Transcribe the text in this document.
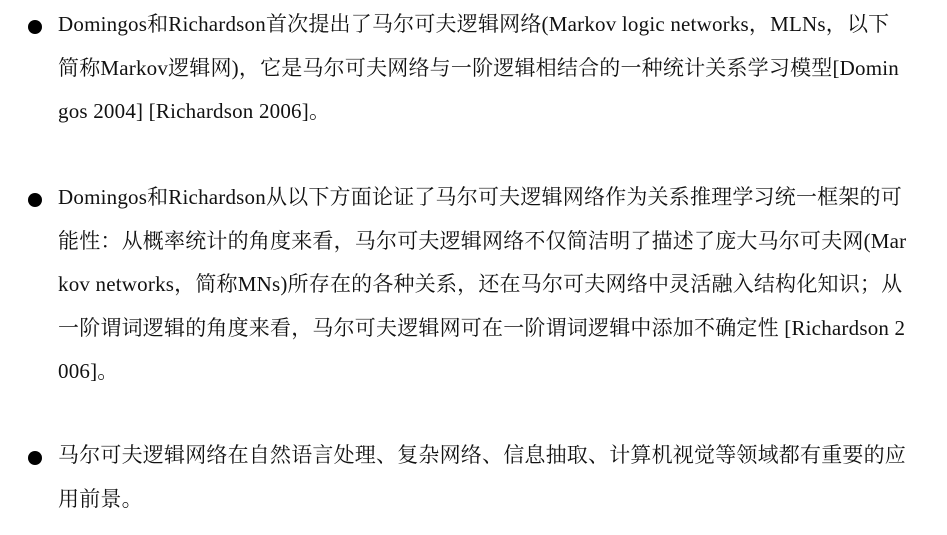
Domingos和Richardson首次提出了马尔可夫逻辑网络(Markov logic networks，MLNs，以下简称Markov逻辑网)，它是马尔可夫网络与一阶逻辑相结合的一种统计关系学习模型[Domingos 2004] [Richardson 2006]。
Domingos和Richardson从以下方面论证了马尔可夫逻辑网络作为关系推理学习统一框架的可能性：从概率统计的角度来看，马尔可夫逻辑网络不仅简洁明了描述了庞大马尔可夫网(Markov networks，简称MNs)所存在的各种关系，还在马尔可夫网络中灵活融入结构化知识；从一阶谓词逻辑的角度来看，马尔可夫逻辑网可在一阶谓词逻辑中添加不确定性 [Richardson 2006]。
马尔可夫逻辑网络在自然语言处理、复杂网络、信息抽取、计算机视觉等领域都有重要的应用前景。
